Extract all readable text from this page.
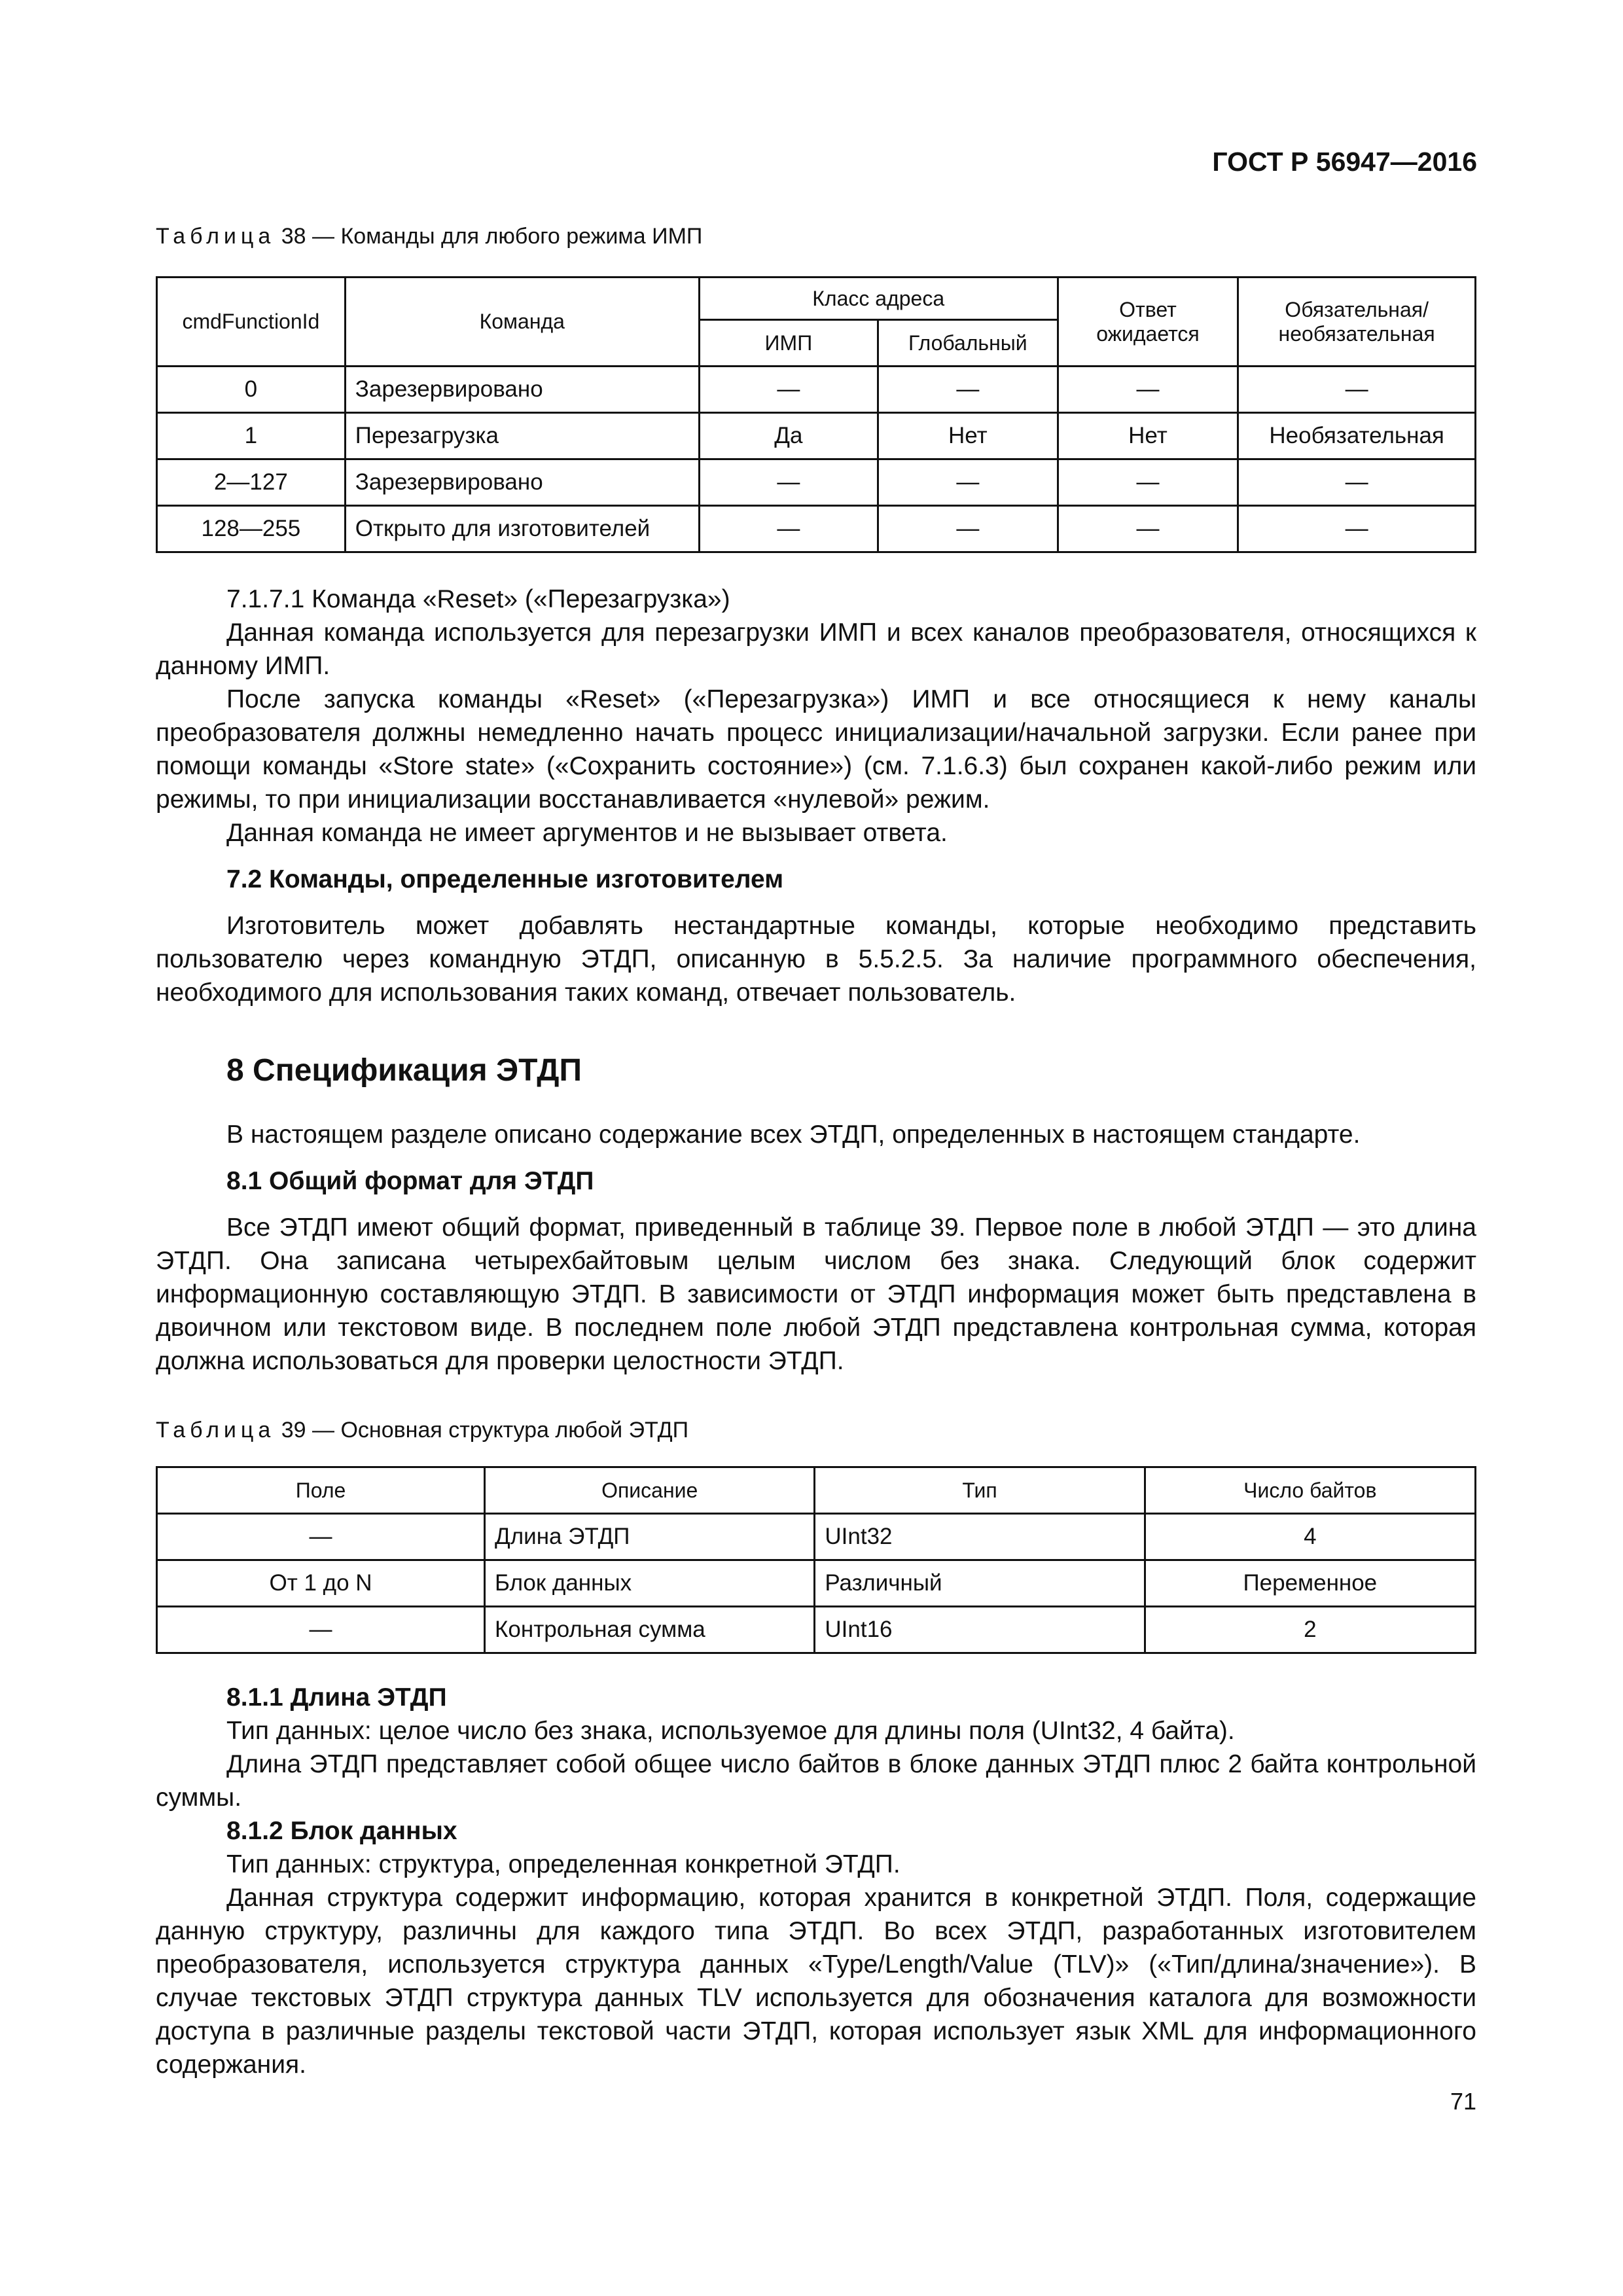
ГОСТ Р 56947—2016
Таблица 38 — Команды для любого режима ИМП
cmdFunctionId	Команда	Класс адреса		Ответ ожидается	Обязательная/ необязательная
		ИМП	Глобальный		
0	Зарезервировано	—	—	—	—
1	Перезагрузка	Да	Нет	Нет	Необязательная
2—127	Зарезервировано	—	—	—	—
128—255	Открыто для изготовителей	—	—	—	—

7.1.7.1 Команда «Reset» («Перезагрузка»)

Данная команда используется для перезагрузки ИМП и всех каналов преобразователя, относящихся к данному ИМП.

После запуска команды «Reset» («Перезагрузка») ИМП и все относящиеся к нему каналы преобразователя должны немедленно начать процесс инициализации/начальной загрузки. Если ранее при помощи команды «Store state» («Сохранить состояние») (см. 7.1.6.3) был сохранен какой-либо режим или режимы, то при инициализации восстанавливается «нулевой» режим.

Данная команда не имеет аргументов и не вызывает ответа.

7.2 Команды, определенные изготовителем

Изготовитель может добавлять нестандартные команды, которые необходимо представить пользователю через командную ЭТДП, описанную в 5.5.2.5. За наличие программного обеспечения, необходимого для использования таких команд, отвечает пользователь.

8 Спецификация ЭТДП

В настоящем разделе описано содержание всех ЭТДП, определенных в настоящем стандарте.

8.1 Общий формат для ЭТДП

Все ЭТДП имеют общий формат, приведенный в таблице 39. Первое поле в любой ЭТДП — это длина ЭТДП. Она записана четырехбайтовым целым числом без знака. Следующий блок содержит информационную составляющую ЭТДП. В зависимости от ЭТДП информация может быть представлена в двоичном или текстовом виде. В последнем поле любой ЭТДП представлена контрольная сумма, которая должна использоваться для проверки целостности ЭТДП.

Таблица 39 — Основная структура любой ЭТДП
Поле	Описание	Тип	Число байтов
—	Длина ЭТДП	UInt32	4
От 1 до N	Блок данных	Различный	Переменное
—	Контрольная сумма	UInt16	2

8.1.1 Длина ЭТДП

Тип данных: целое число без знака, используемое для длины поля (UInt32, 4 байта).

Длина ЭТДП представляет собой общее число байтов в блоке данных ЭТДП плюс 2 байта контрольной суммы.

8.1.2 Блок данных

Тип данных: структура, определенная конкретной ЭТДП.

Данная структура содержит информацию, которая хранится в конкретной ЭТДП. Поля, содержащие данную структуру, различны для каждого типа ЭТДП. Во всех ЭТДП, разработанных изготовителем преобразователя, используется структура данных «Type/Length/Value (TLV)» («Тип/длина/значение»). В случае текстовых ЭТДП структура данных TLV используется для обозначения каталога для возможности доступа в различные разделы текстовой части ЭТДП, которая использует язык XML для информационного содержания.

71
